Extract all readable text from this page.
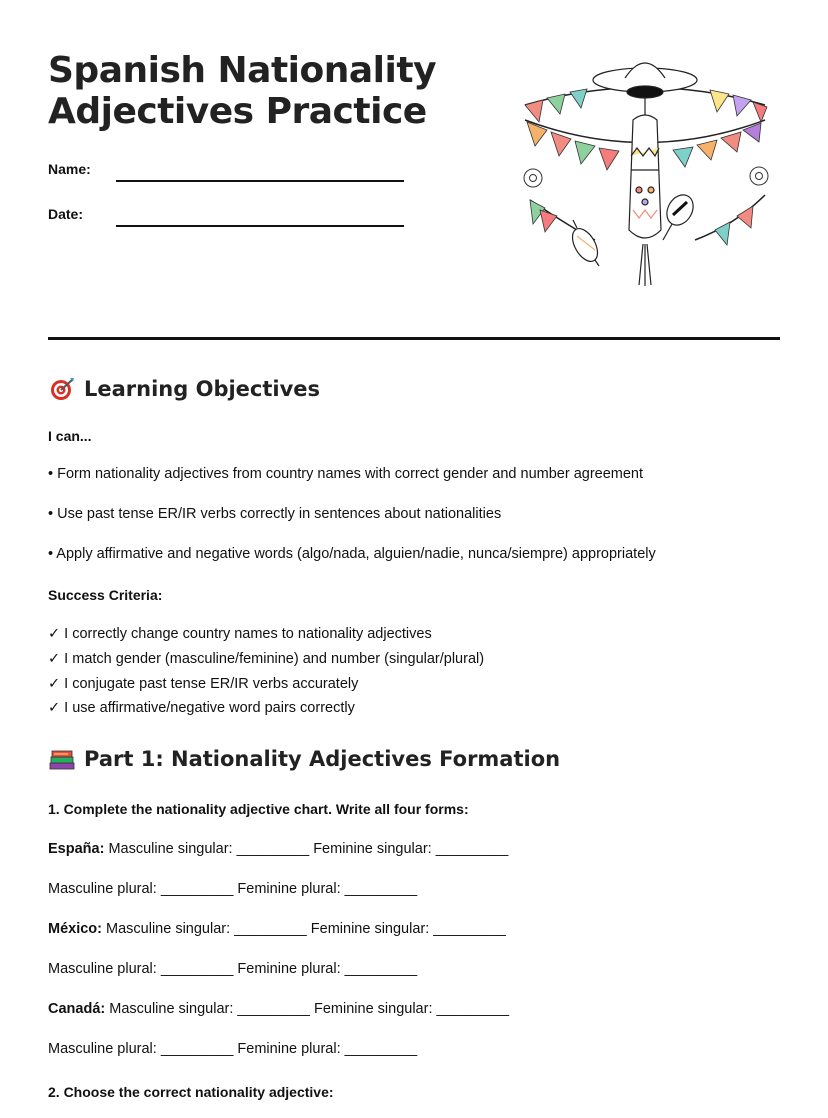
Spanish Nationality
Adjectives Practice
Name:
Date:
Learning Objectives
I can...
• Form nationality adjectives from country names with correct gender and number agreement
• Use past tense ER/IR verbs correctly in sentences about nationalities
• Apply affirmative and negative words (algo/nada, alguien/nadie, nunca/siempre) appropriately
Success Criteria:
✓ I correctly change country names to nationality adjectives
✓ I match gender (masculine/feminine) and number (singular/plural)
✓ I conjugate past tense ER/IR verbs accurately
✓ I use affirmative/negative word pairs correctly
Part 1: Nationality Adjectives Formation
1. Complete the nationality adjective chart. Write all four forms:
España: Masculine singular: _________ Feminine singular: _________
Masculine plural: _________ Feminine plural: _________
México: Masculine singular: _________ Feminine singular: _________
Masculine plural: _________ Feminine plural: _________
Canadá: Masculine singular: _________ Feminine singular: _________
Masculine plural: _________ Feminine plural: _________
2. Choose the correct nationality adjective:
